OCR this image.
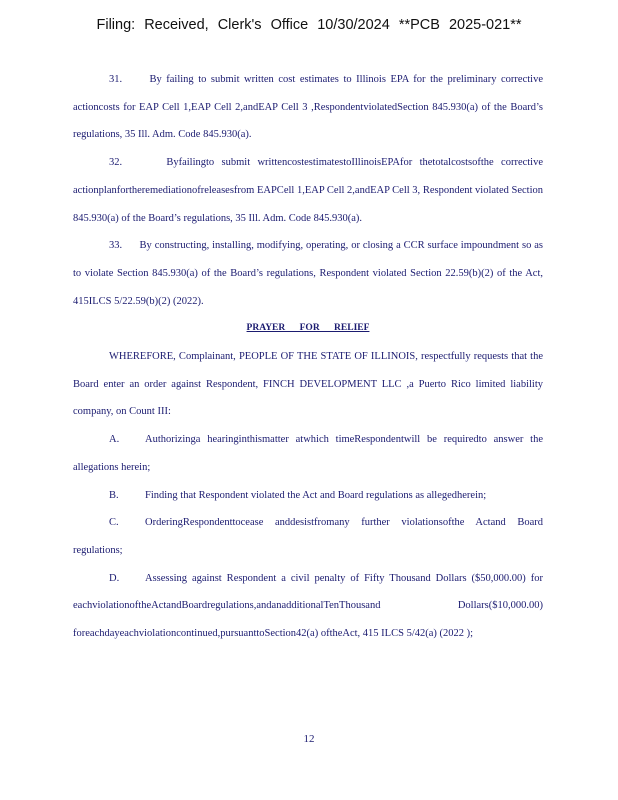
Filing: Received, Clerk's Office 10/30/2024 **PCB 2025-021**

31.	By failing to submit written cost estimates to Illinois EPA for the preliminary corrective actioncosts for EAP Cell 1,EAP Cell 2,andEAP Cell 3 ,RespondentviolatedSection 845.930(a) of the Board’s regulations, 35 Ill. Adm. Code 845.930(a).

32.	Byfailingto submit writtencostestimatestoIllinoisEPAfor thetotalcostsofthe corrective actionplanfortheremediationofreleasesfrom EAPCell 1,EAP Cell 2,andEAP Cell 3, Respondent violated Section 845.930(a) of the Board’s regulations, 35 Ill. Adm. Code 845.930(a).

33. By constructing, installing, modifying, operating, or closing a CCR surface impoundment so as to violate Section 845.930(a) of the Board’s regulations, Respondent violated Section 22.59(b)(2) of the Act, 415ILCS 5/22.59(b)(2) (2022).

PRAYER FOR RELIEF

WHEREFORE, Complainant, PEOPLE OF THE STATE OF ILLINOIS, respectfully requests that the Board enter an order against Respondent, FINCH DEVELOPMENT LLC ,a Puerto Rico limited liability company, on Count III:

A. Authorizinga hearinginthismatter atwhich timeRespondentwill be requiredto answer the allegations herein;

B.	Finding that Respondent violated the Act and Board regulations as allegedherein;

C.	OrderingRespondenttocease anddesistfromany further violationsofthe Actand Board regulations;

D. Assessing against Respondent a civil penalty of Fifty Thousand Dollars ($50,000.00) for eachviolationoftheActandBoardregulations,andanadditionalTenThousand Dollars($10,000.00) foreachdayeachviolationcontinued,pursuanttoSection42(a) oftheAct, 415 ILCS 5/42(a) (2022 );

12
